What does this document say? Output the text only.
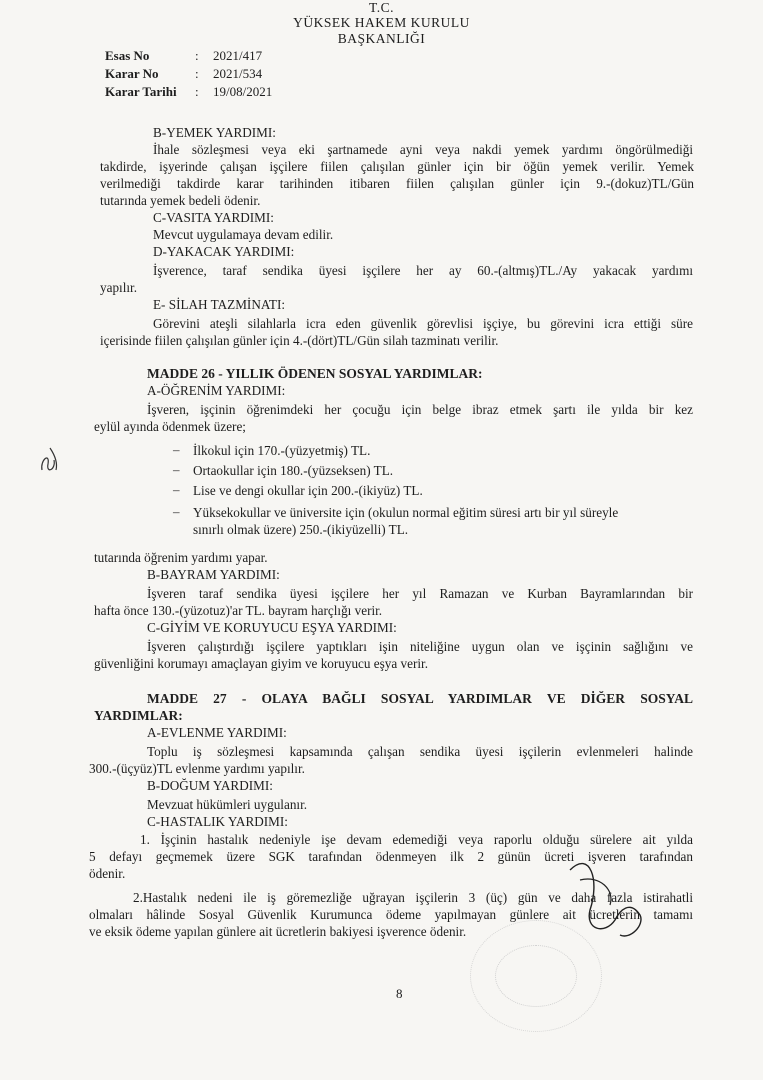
T.C.
YÜKSEK HAKEM KURULU
BAŞKANLIĞI
Esas No	:	2021/417
Karar No	:	2021/534
Karar Tarihi	:	19/08/2021
B-YEMEK YARDIMI:
İhale sözleşmesi veya eki şartnamede ayni veya nakdi yemek yardımı öngörülmediği
takdirde, işyerinde çalışan işçilere fiilen çalışılan günler için bir öğün yemek verilir. Yemek
verilmediği takdirde karar tarihinden itibaren fiilen çalışılan günler için 9.-(dokuz)TL/Gün
tutarında yemek bedeli ödenir.
C-VASITA YARDIMI:
Mevcut uygulamaya devam edilir.
D-YAKACAK YARDIMI:
İşverence, taraf sendika üyesi işçilere her ay 60.-(altmış)TL./Ay yakacak yardımı
yapılır.
E- SİLAH TAZMİNATI:
Görevini ateşli silahlarla icra eden güvenlik görevlisi işçiye, bu görevini icra ettiği süre
içerisinde fiilen çalışılan günler için 4.-(dört)TL/Gün silah tazminatı verilir.
MADDE 26 - YILLIK ÖDENEN SOSYAL YARDIMLAR:
A-ÖĞRENİM YARDIMI:
İşveren, işçinin öğrenimdeki her çocuğu için belge ibraz etmek şartı ile yılda bir kez
eylül ayında ödenmek üzere;
– İlkokul için 170.-(yüzyetmiş) TL.
– Ortaokullar için 180.-(yüzseksen) TL.
– Lise ve dengi okullar için 200.-(ikiyüz) TL.
– Yüksekokullar ve üniversite için (okulun normal eğitim süresi artı bir yıl süreyle
sınırlı olmak üzere) 250.-(ikiyüzelli) TL.
tutarında öğrenim yardımı yapar.
B-BAYRAM YARDIMI:
İşveren taraf sendika üyesi işçilere her yıl Ramazan ve Kurban Bayramlarından bir
hafta önce 130.-(yüzotuz)'ar TL. bayram harçlığı verir.
C-GİYİM VE KORUYUCU EŞYA YARDIMI:
İşveren çalıştırdığı işçilere yaptıkları işin niteliğine uygun olan ve işçinin sağlığını ve
güvenliğini korumayı amaçlayan giyim ve koruyucu eşya verir.
MADDE 27 - OLAYA BAĞLI SOSYAL YARDIMLAR VE DİĞER SOSYAL
YARDIMLAR:
A-EVLENME YARDIMI:
Toplu iş sözleşmesi kapsamında çalışan sendika üyesi işçilerin evlenmeleri halinde
300.-(üçyüz)TL evlenme yardımı yapılır.
B-DOĞUM YARDIMI:
Mevzuat hükümleri uygulanır.
C-HASTALIK YARDIMI:
1. İşçinin hastalık nedeniyle işe devam edemediği veya raporlu olduğu sürelere ait yılda
5 defayı geçmemek üzere SGK tarafından ödenmeyen ilk 2 günün ücreti işveren tarafından
ödenir.
2.Hastalık nedeni ile iş göremezliğe uğrayan işçilerin 3 (üç) gün ve daha fazla istirahatli
olmaları hâlinde Sosyal Güvenlik Kurumunca ödeme yapılmayan günlere ait ücretlerin tamamı
ve eksik ödeme yapılan günlere ait ücretlerin bakiyesi işverence ödenir.
8
